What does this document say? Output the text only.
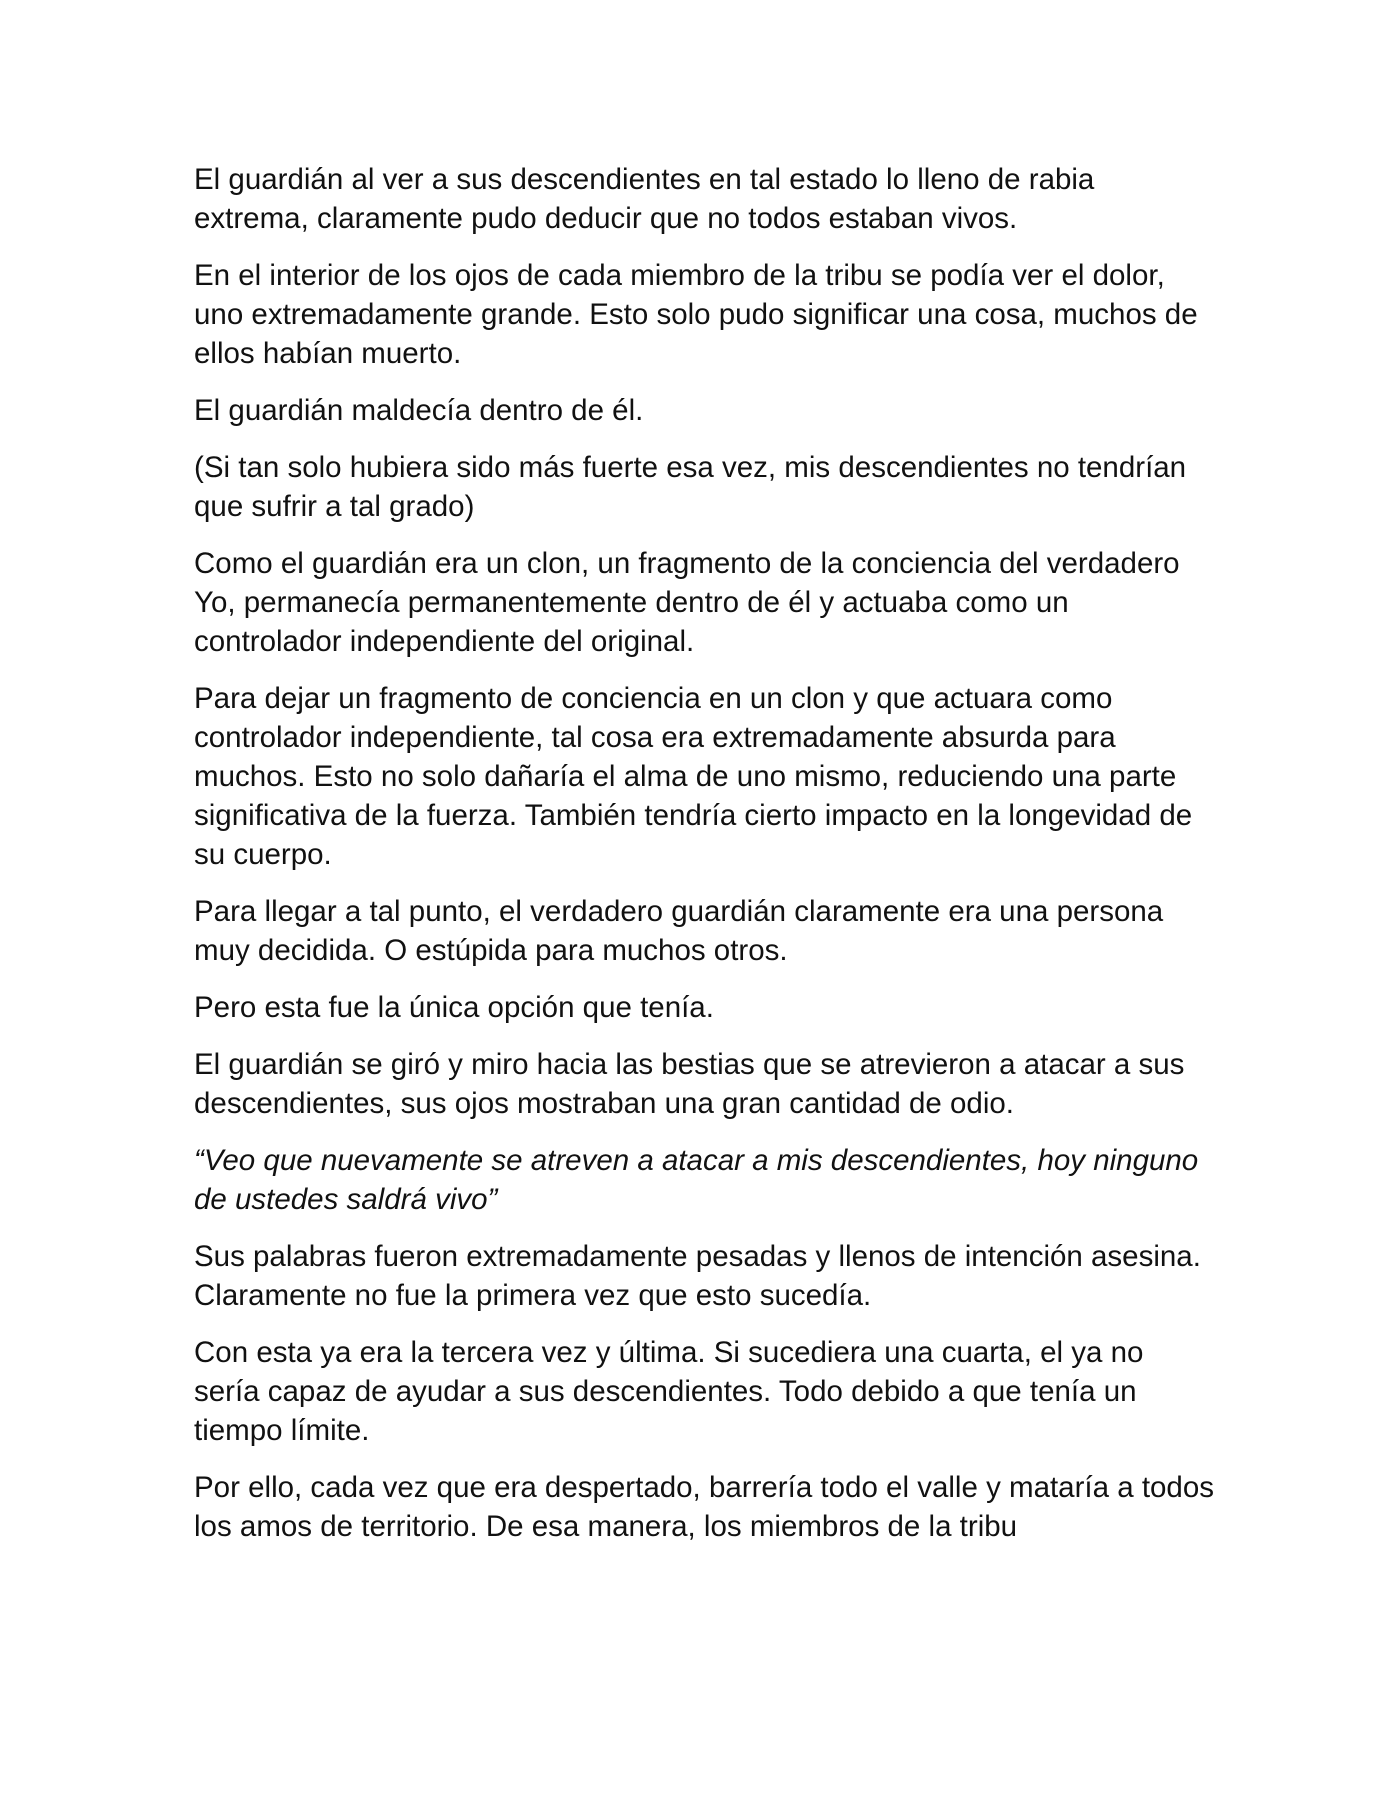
El guardián al ver a sus descendientes en tal estado lo lleno de rabia extrema, claramente pudo deducir que no todos estaban vivos.

En el interior de los ojos de cada miembro de la tribu se podía ver el dolor, uno extremadamente grande. Esto solo pudo significar una cosa, muchos de ellos habían muerto.

El guardián maldecía dentro de él.

(Si tan solo hubiera sido más fuerte esa vez, mis descendientes no tendrían que sufrir a tal grado)

Como el guardián era un clon, un fragmento de la conciencia del verdadero Yo, permanecía permanentemente dentro de él y actuaba como un controlador independiente del original.

Para dejar un fragmento de conciencia en un clon y que actuara como controlador independiente, tal cosa era extremadamente absurda para muchos. Esto no solo dañaría el alma de uno mismo, reduciendo una parte significativa de la fuerza. También tendría cierto impacto en la longevidad de su cuerpo.

Para llegar a tal punto, el verdadero guardián claramente era una persona muy decidida. O estúpida para muchos otros.

Pero esta fue la única opción que tenía.

El guardián se giró y miro hacia las bestias que se atrevieron a atacar a sus descendientes, sus ojos mostraban una gran cantidad de odio.

“Veo que nuevamente se atreven a atacar a mis descendientes, hoy ninguno de ustedes saldrá vivo”

Sus palabras fueron extremadamente pesadas y llenos de intención asesina. Claramente no fue la primera vez que esto sucedía.

Con esta ya era la tercera vez y última. Si sucediera una cuarta, el ya no sería capaz de ayudar a sus descendientes. Todo debido a que tenía un tiempo límite.

Por ello, cada vez que era despertado, barrería todo el valle y mataría a todos los amos de territorio. De esa manera, los miembros de la tribu
